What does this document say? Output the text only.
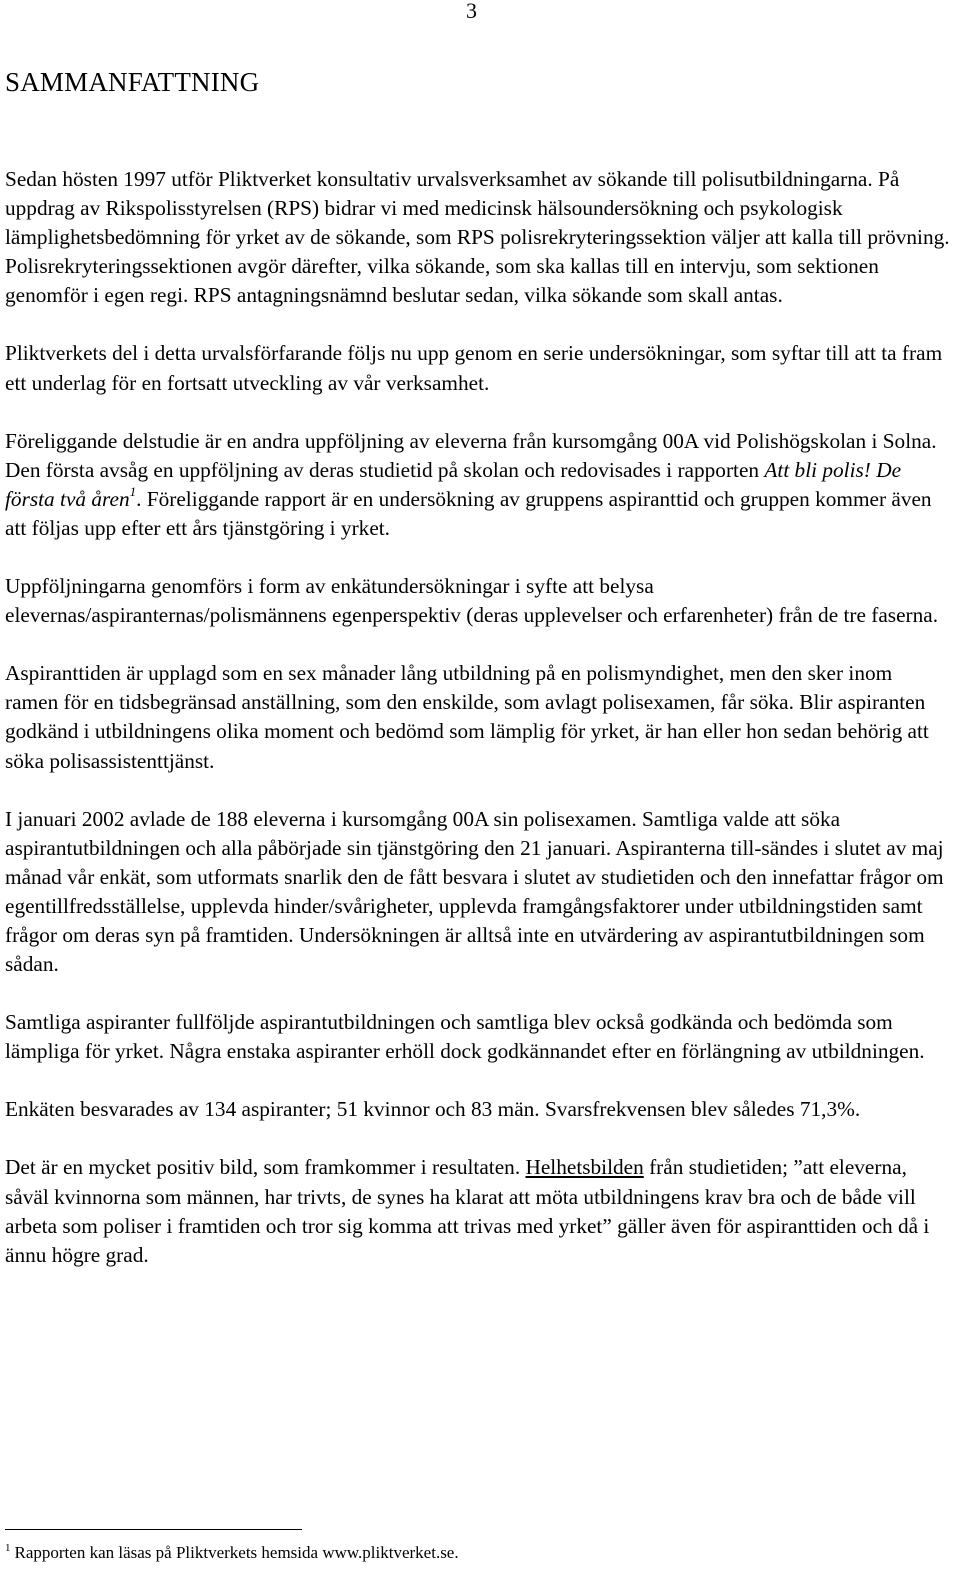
3
SAMMANFATTNING

Sedan hösten 1997 utför Pliktverket konsultativ urvalsverksamhet av sökande till polisutbildningarna. På uppdrag av Rikspolisstyrelsen (RPS) bidrar vi med medicinsk hälsoundersökning och psykologisk lämplighetsbedömning för yrket av de sökande, som RPS polisrekryteringssektion väljer att kalla till prövning. Polisrekryteringssektionen avgör därefter, vilka sökande, som ska kallas till en intervju, som sektionen genomför i egen regi. RPS antagningsnämnd beslutar sedan, vilka sökande som skall antas.

Pliktverkets del i detta urvalsförfarande följs nu upp genom en serie undersökningar, som syftar till att ta fram ett underlag för en fortsatt utveckling av vår verksamhet.

Föreliggande delstudie är en andra uppföljning av eleverna från kursomgång 00A vid Polishögskolan i Solna. Den första avsåg en uppföljning av deras studietid på skolan och redovisades i rapporten Att bli polis! De första två åren$^1$. Föreliggande rapport är en undersökning av gruppens aspiranttid och gruppen kommer även att följas upp efter ett års tjänstgöring i yrket.

Uppföljningarna genomförs i form av enkätundersökningar i syfte att belysa elevernas/aspiranternas/polismännens egenperspektiv (deras upplevelser och erfarenheter) från de tre faserna.

Aspiranttiden är upplagd som en sex månader lång utbildning på en polismyndighet, men den sker inom ramen för en tidsbegränsad anställning, som den enskilde, som avlagt polisexamen, får söka. Blir aspiranten godkänd i utbildningens olika moment och bedömd som lämplig för yrket, är han eller hon sedan behörig att söka polisassistenttjänst.

I januari 2002 avlade de 188 eleverna i kursomgång 00A sin polisexamen. Samtliga valde att söka aspirantutbildningen och alla påbörjade sin tjänstgöring den 21 januari. Aspiranterna till-sändes i slutet av maj månad vår enkät, som utformats snarlik den de fått besvara i slutet av studietiden och den innefattar frågor om egentillfredsställelse, upplevda hinder/svårigheter, upplevda framgångsfaktorer under utbildningstiden samt frågor om deras syn på framtiden. Undersökningen är alltså inte en utvärdering av aspirantutbildningen som sådan.

Samtliga aspiranter fullföljde aspirantutbildningen och samtliga blev också godkända och bedömda som lämpliga för yrket. Några enstaka aspiranter erhöll dock godkännandet efter en förlängning av utbildningen.

Enkäten besvarades av 134 aspiranter; 51 kvinnor och 83 män. Svarsfrekvensen blev således 71,3%.

Det är en mycket positiv bild, som framkommer i resultaten. Helhetsbilden från studietiden; ”att eleverna, såväl kvinnorna som männen, har trivts, de synes ha klarat att möta utbildningens krav bra och de både vill arbeta som poliser i framtiden och tror sig komma att trivas med yrket” gäller även för aspiranttiden och då i ännu högre grad.

$^1$ Rapporten kan läsas på Pliktverkets hemsida www.pliktverket.se.
